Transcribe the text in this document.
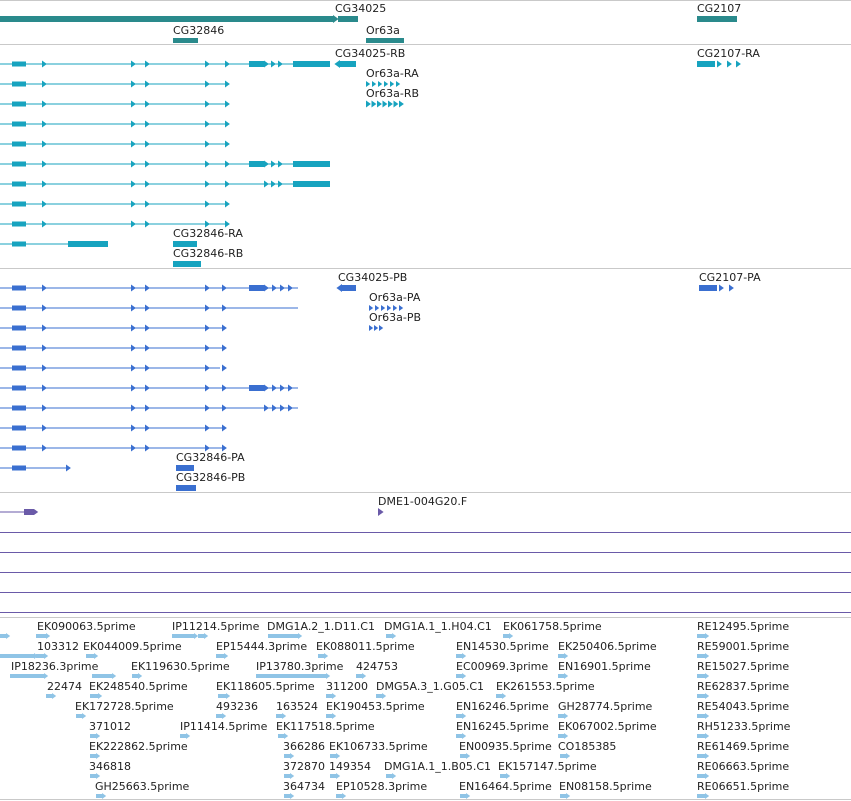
CG34025
CG32846	Or63a
CG2107
CG34025-RB	CG2107-RA
Or63a-RA
Or63a-RB
CG32846-RA
CG32846-RB
CG34025-PB	CG2107-PA
Or63a-PA
Or63a-PB
CG32846-PA
CG32846-PB
DME1-004G20.F
EK090063.5prime	IP11214.5prime DMG1A.2_1.D11.C1 DMG1A.1_1.H04.C1 EK061758.5prime	RE12495.5prime
103312 EK044009.5prime	EP15444.3prime EK088011.5prime	EN14530.5prime EK250406.5prime	RE59001.5prime
IP18236.3prime	EK119630.5prime IP13780.3prime 424753	EC00969.3prime EN16901.5prime	RE15027.5prime
22474 EK248540.5prime	EK118605.5prime 311200 DMG5A.3_1.G05.C1 EK261553.5prime	RE62837.5prime
EK172728.5prime	493236 163524 EK190453.5prime	EN16246.5prime GH28774.5prime	RE54043.5prime
371012	IP11414.5prime EK117518.5prime	EN16245.5prime EK067002.5prime	RH51233.5prime
EK222862.5prime	366286 EK106733.5prime	EN00935.5prime CO185385	RE61469.5prime
346818	372870 149354 DMG1A.1_1.B05.C1 EK157147.5prime	RE06663.5prime
GH25663.5prime	364734 EP10528.3prime	EN16464.5prime EN08158.5prime	RE06651.5prime
